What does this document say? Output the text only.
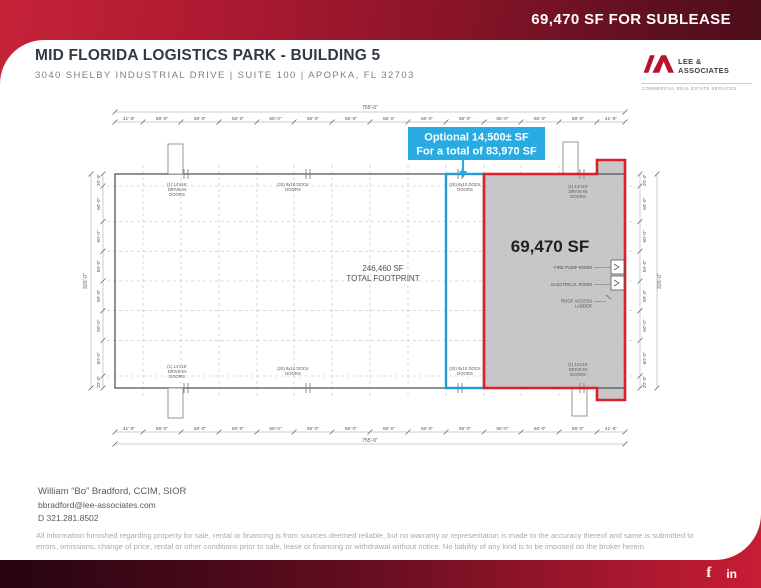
69,470 SF FOR SUBLEASE
MID FLORIDA LOGISTICS PARK - BUILDING 5
3040 SHELBY INDUSTRIAL DRIVE | SUITE 100 | APOPKA, FL 32703
LEE &
ASSOCIATES
COMMERCIAL REAL ESTATE SERVICES
755'-0"
755'-0"
320'-0"	320'-0"
41'-6"	56'-0"	56'-0"	56'-0"	56'-0"	56'-0"	56'-0"	56'-0"	56'-0"	56'-0"	56'-0"	56'-0"	56'-0"	41'-6"
41'-6"	56'-0"	56'-0"	56'-0"	56'-0"	56'-0"	56'-0"	56'-0"	56'-0"	56'-0"	56'-0"	56'-0"	56'-0"	41'-6"
20'-0"
60'-0"
50'-0"
50'-0"
50'-0"
50'-0"
60'-0"
20'-0"
20'-0"
60'-0"
50'-0"
50'-0"
50'-0"
50'-0"
60'-0"
20'-0"
(1) 14'x16'
DRIVE-IN
DOORS
(20) 9x10 DOCK
DOORS
(20) 9x10 DOCK
DOORS
(1) 14'x16'
DRIVE-IN
DOORS
(1) 14'x16'
DRIVE-IN
DOORS
(20) 9x10 DOCK
DOORS
(20) 9x10 DOCK
DOORS
(1) 14'x16'
DRIVE-IN
DOORS
246,460 SF
TOTAL FOOTPRINT
69,470 SF
FIRE PUMP ROOM
ELECTRICAL ROOM
ROOF ACCESS
LADDER
Optional 14,500± SF
For a total of 83,970 SF
William “Bo” Bradford, CCIM, SIOR
bbradford@lee-associates.com
D 321.281.8502
All information furnished regarding property for sale, rental or financing is from sources deemed reliable, but no warranty or representation is made to the accuracy thereof and same is submitted to errors, omissions, change of price, rental or other conditions prior to sale, lease or financing or withdrawal without notice. No liability of any kind is to be imposed on the broker herein.
f in
